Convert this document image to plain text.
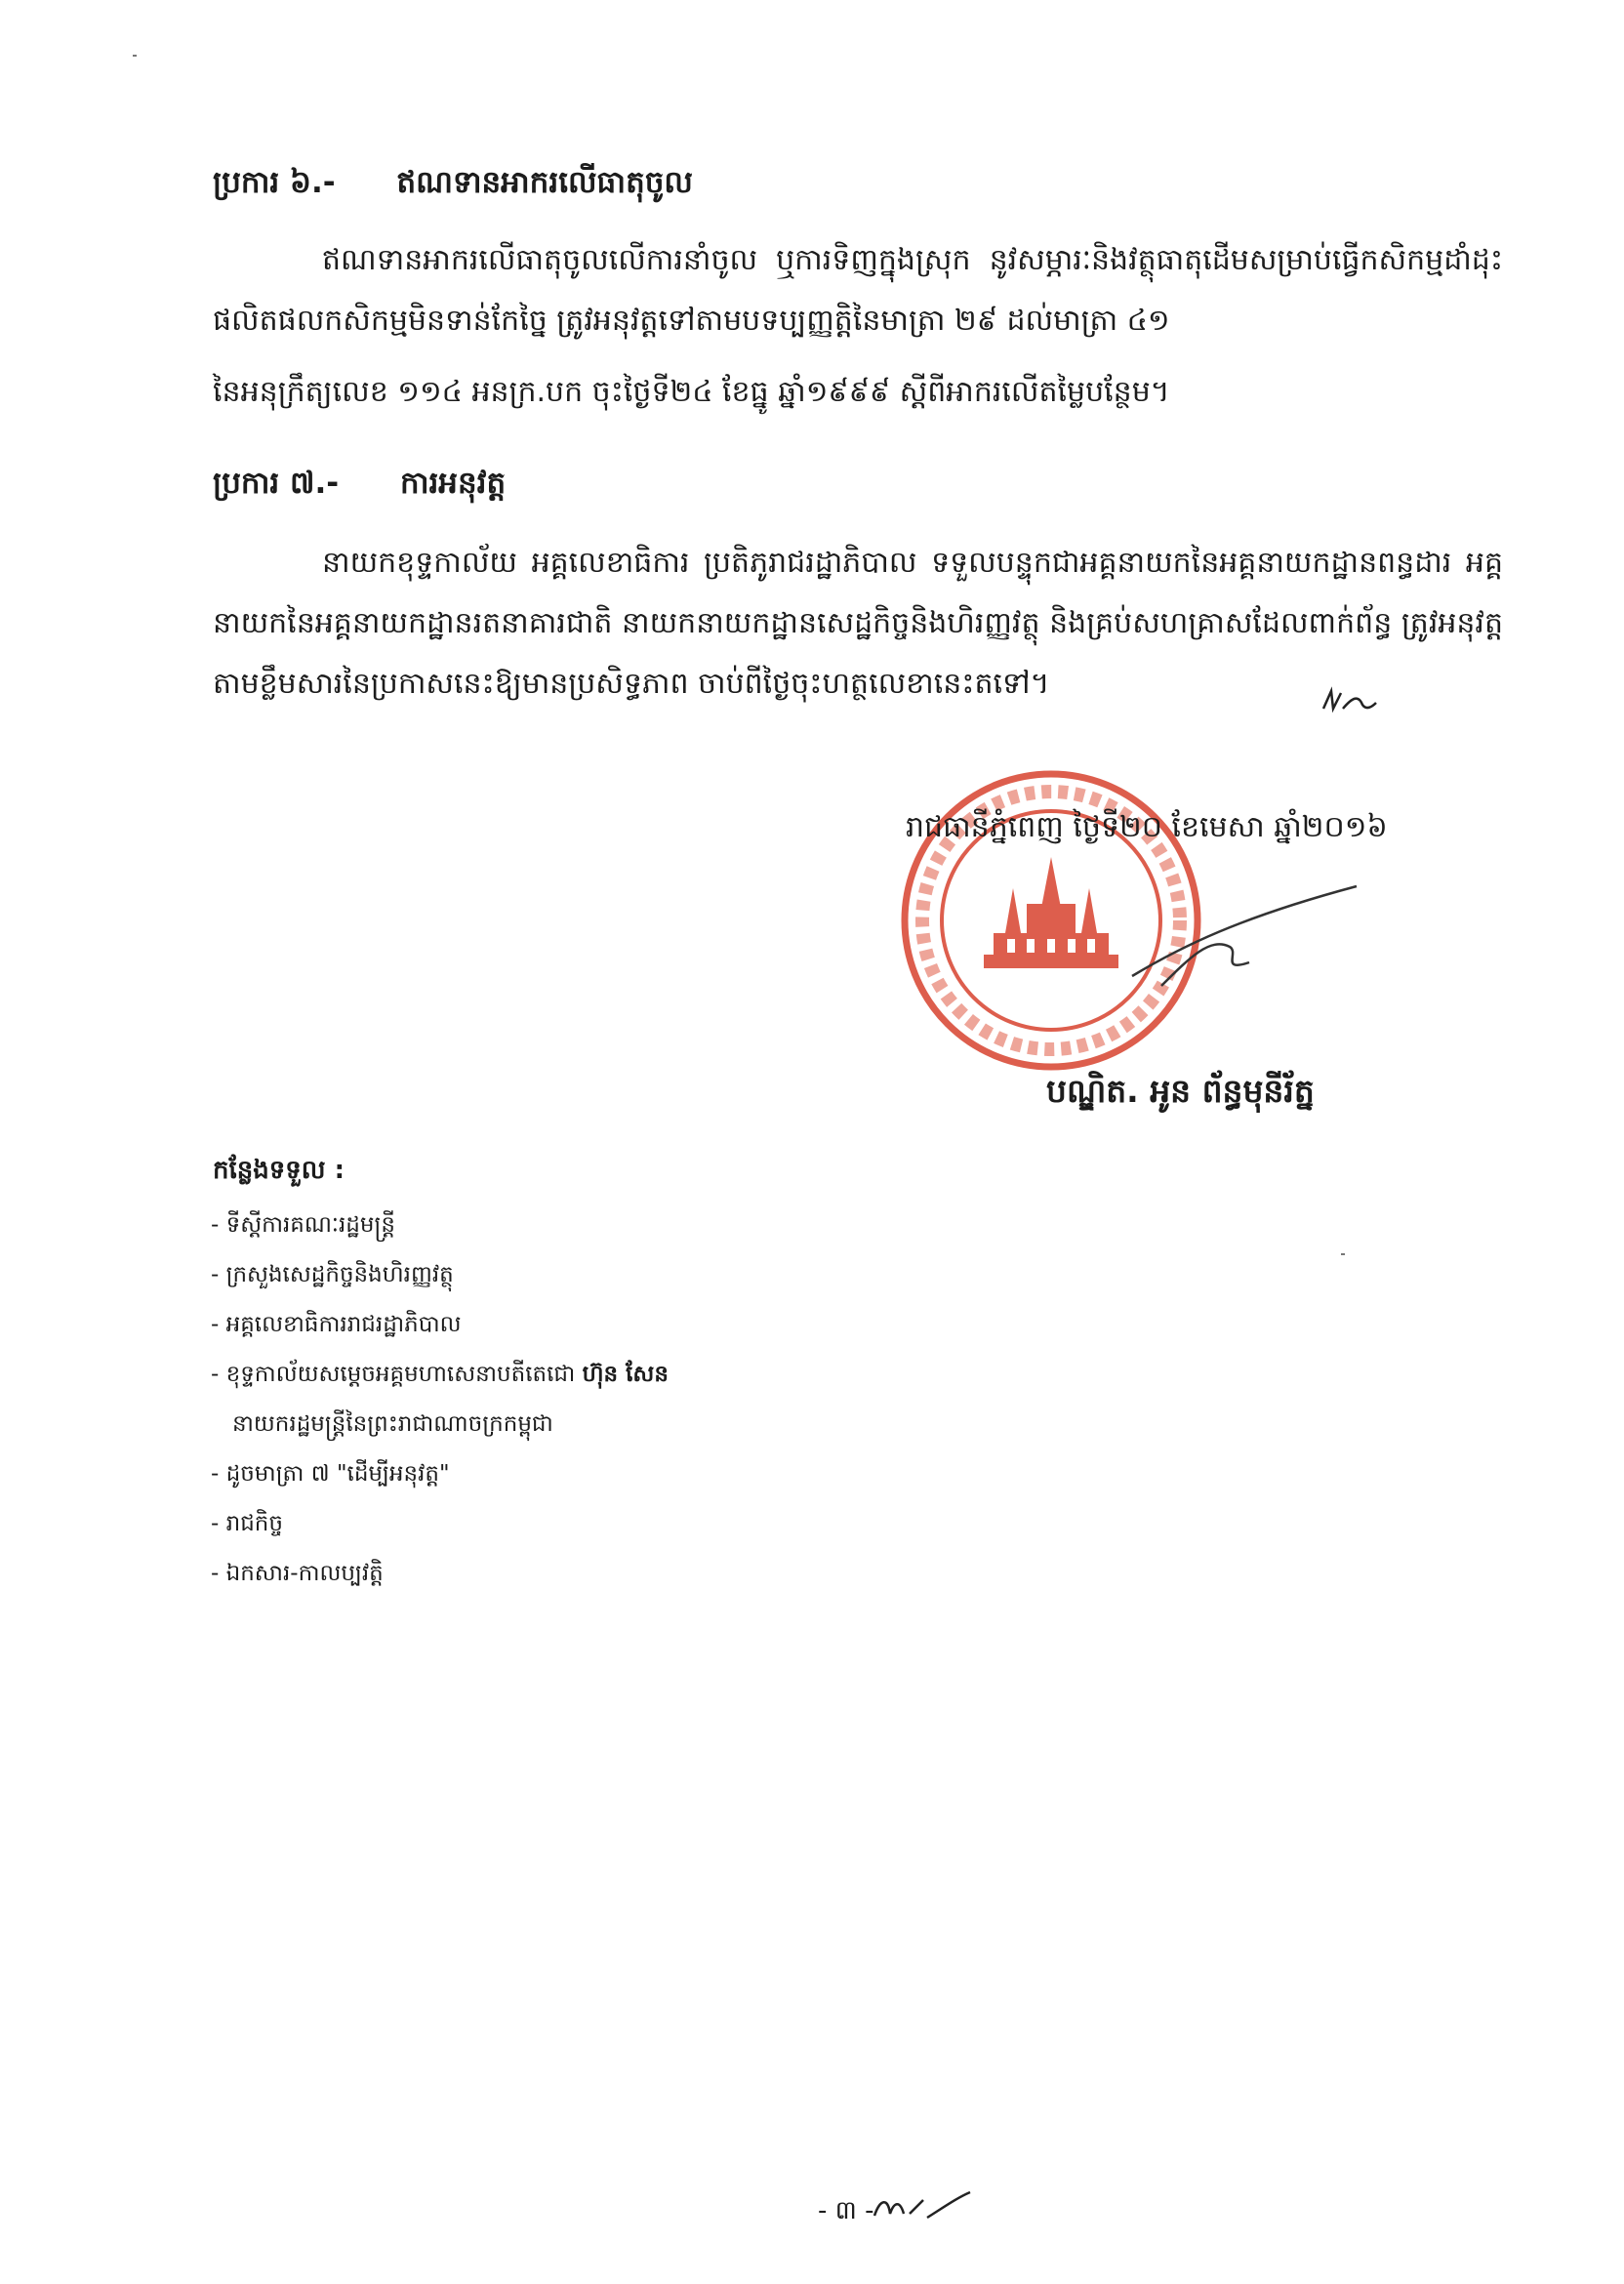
ប្រការ ៦.- ឥណទានអាករលើធាតុចូល
ឥណទានអាករលើធាតុចូលលើការនាំចូល ឬការទិញក្នុងស្រុក នូវសម្ភារៈនិងវត្ថុធាតុដើមសម្រាប់ធ្វើកសិកម្មដាំដុះផលិតផលកសិកម្មមិនទាន់កែច្នៃ ត្រូវអនុវត្តទៅតាមបទប្បញ្ញត្តិនៃមាត្រា ២៩ ដល់មាត្រា ៤១
នៃអនុក្រឹត្យលេខ ១១៤ អនក្រ.បក ចុះថ្ងៃទី២៤ ខែធ្នូ ឆ្នាំ១៩៩៩ ស្តីពីអាករលើតម្លៃបន្ថែម។
ប្រការ ៧.- ការអនុវត្ត
នាយកខុទ្ទកាល័យ អគ្គលេខាធិការ ប្រតិភូរាជរដ្ឋាភិបាល ទទួលបន្ទុកជាអគ្គនាយកនៃអគ្គនាយកដ្ឋានពន្ធដារ អគ្គនាយកនៃអគ្គនាយកដ្ឋានរតនាគារជាតិ នាយកនាយកដ្ឋានសេដ្ឋកិច្ចនិងហិរញ្ញវត្ថុ និងគ្រប់សហគ្រាសដែលពាក់ព័ន្ធ ត្រូវអនុវត្តតាមខ្លឹមសារនៃប្រកាសនេះឱ្យមានប្រសិទ្ធភាព ចាប់ពីថ្ងៃចុះហត្ថលេខានេះតទៅ។
រាជធានីភ្នំពេញ ថ្ងៃទី២០ ខែមេសា ឆ្នាំ២០១៦
បណ្ឌិត. អូន ព័ន្ធមុនីរ័ត្ន
កន្លែងទទួល :
- ទីស្តីការគណៈរដ្ឋមន្ត្រី
- ក្រសួងសេដ្ឋកិច្ចនិងហិរញ្ញវត្ថុ
- អគ្គលេខាធិការរាជរដ្ឋាភិបាល
- ខុទ្ទកាល័យសម្តេចអគ្គមហាសេនាបតីតេជោ ហ៊ុន សែន
នាយករដ្ឋមន្ត្រីនៃព្រះរាជាណាចក្រកម្ពុជា
- ដូចមាត្រា ៧ "ដើម្បីអនុវត្ត"
- រាជកិច្ច
- ឯកសារ-កាលប្បវត្តិ
- ៣ -
